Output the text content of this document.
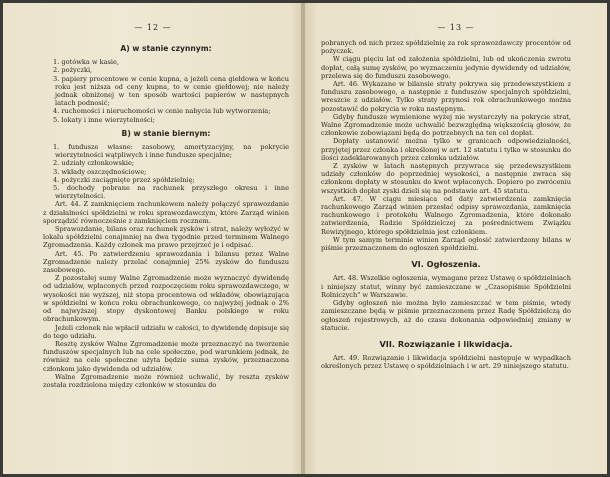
— 12 —
A) w stanie czynnym:

1. gotówka w kasie,

2. pożyczki,

3. papiery procentowe w cenie kupna, a jeżeli cena giełdowa w końcu roku jest niższa od ceny kupna, to w cenie giełdowej; nie należy jednak obniżonej w ten sposób wartości papierów w następnych latach podnosić;

4. ruchomości i nieruchomości w cenie nabycia lub wytworzenia;

5. lokaty i inne wierzytelności;

B) w stanie biernym:

1. fundusze własne: zasobowy, amortyzacyjny, na pokrycie wierzytelności wątpliwych i inne fundusze specjalne;

2. udziały członkowskie;

3. wkłady oszczędnościowe;

4. pożyczki zaciągnięte przez spółdzielnię;

5. dochody pobrane na rachunek przyszłego okresu i inne wierzytelności.

Art. 44. Z zamknięciem rachunkowem należy połączyć sprawozdanie z działalności spółdzielni w roku sprawozdawczym, które Zarząd winien sporządzić równocześnie z zamknięciem rocznem.

Sprawozdanie, bilans oraz rachunek zysków i strat, należy wyłożyć w lokalu spółdzielni conajmniej na dwa tygodnie przed terminem Walnego Zgromadzenia. Każdy członek ma prawo przejrzeć je i odpisać.

Art. 45. Po zatwierdzeniu sprawozdania i bilansu przez Walne Zgromadzenie należy przelać conajmniej 25% zysków do funduszu zasobowego.

Z pozostałej sumy Walne Zgromadzenie może wyznaczyć dywidendę od udziałów, wpłaconych przed rozpoczęciem roku sprawozdawczego, w wysokości nie wyższej, niż stopa procentowa od wkładów, obowiązująca w spółdzielni w końcu roku obrachunkowego, co najwyżej jednak o 2% od najwyższej stopy dyskontowej Banku polskiego w roku obrachunkowym.

Jeżeli członek nie wpłacił udziału w całości, to dywidendę dopisuje się do tego udziału.

Resztę zysków Walne Zgromadzenie może przeznaczyć na tworzenie funduszów specjalnych lub na cele społeczne, pod warunkiem jednak, że również na cele społeczne użyta będzie suma zysków, przeznaczona członkom jako dywidenda od udziałów.

Walne Zgromadzenie może również uchwalić, by reszta zysków została rozdzielona między członków w stosunku do

— 13 —

pobranych od nich przez spółdzielnię za rok sprawozdawczy procentów od pożyczek.

W ciągu pięciu lat od założenia spółdzielni, lub od ukończenia zwrotu dopłat, całą sumę zysków, po wyznaczeniu jedynie dywidendy od udziałów, przelewa się do funduszu zasobowego.

Art. 46. Wykazane w bilansie straty pokrywa się przedewszystkiem z funduszu zasobowego, a następnie z funduszów specjalnych spółdzielni, wreszcie z udziałów. Tylko straty przynosi rok obrachunkowego można pozostawić do pokrycia w roku następnym.

Gdyby fundusze wymienione wyżej nie wystarczyły na pokrycie strat, Walne Zgromadzenie może uchwalić bezwzględną większością głosów, że członkowie zobowiązani będą do potrzebnych na ten cel dopłat.

Dopłaty ustanowić można tylko w granicach odpowiedzialności, przyjętej przez członka i określonej w art. 12 statutu i tylko w stosunku do ilości zadeklarowanych przez członka udziałów.

Z zysków w latach następnych przywraca się przedewszystkiem udziały członków do poprzedniej wysokości, a następnie zwraca się członkom dopłaty w stosunku do kwot wpłaconych. Dopiero po zwróceniu wszystkich dopłat zyski dzieli się na podstawie art. 45 statutu.

Art. 47. W ciągu miesiąca od daty zatwierdzenia zamknięcia rachunkowego Zarząd winien przesłać odpisy sprawozdania, zamknięcia rachunkowego i protokółu Walnego Zgromadzenia, które dokonało zatwierdzenia, Radzie Spółdzielczej za pośrednictwem Związku Rewizyjnego, którego spółdzielnia jest członkiem.

W tym samym terminie winien Zarząd ogłosić zatwierdzony bilans w piśmie przeznaczonem do ogłoszeń spółdzielni.

VI. Ogłoszenia.

Art. 48. Wszelkie ogłoszenia, wymagane przez Ustawę o spółdzielniach i niniejszy statut, winny być zamieszczane w „Czasopiśmie Spółdzielni Rolniczych" w Warszawie.

Gdyby ogłoszeń nie można było zamieszczać w tem piśmie, wtedy zamieszczane będą w piśmie przeznaczonem przez Radę Spółdzielczą do ogłoszeń rejestrowych, aż do czasu dokonania odpowiedniej zmiany w statucie.

VII. Rozwiązanie i likwidacja.

Art. 49. Rozwiązanie i likwidacja spółdzielni następuje w wypadkach określonych przez Ustawę o spółdzielniach i w art. 29 niniejszego statutu.
